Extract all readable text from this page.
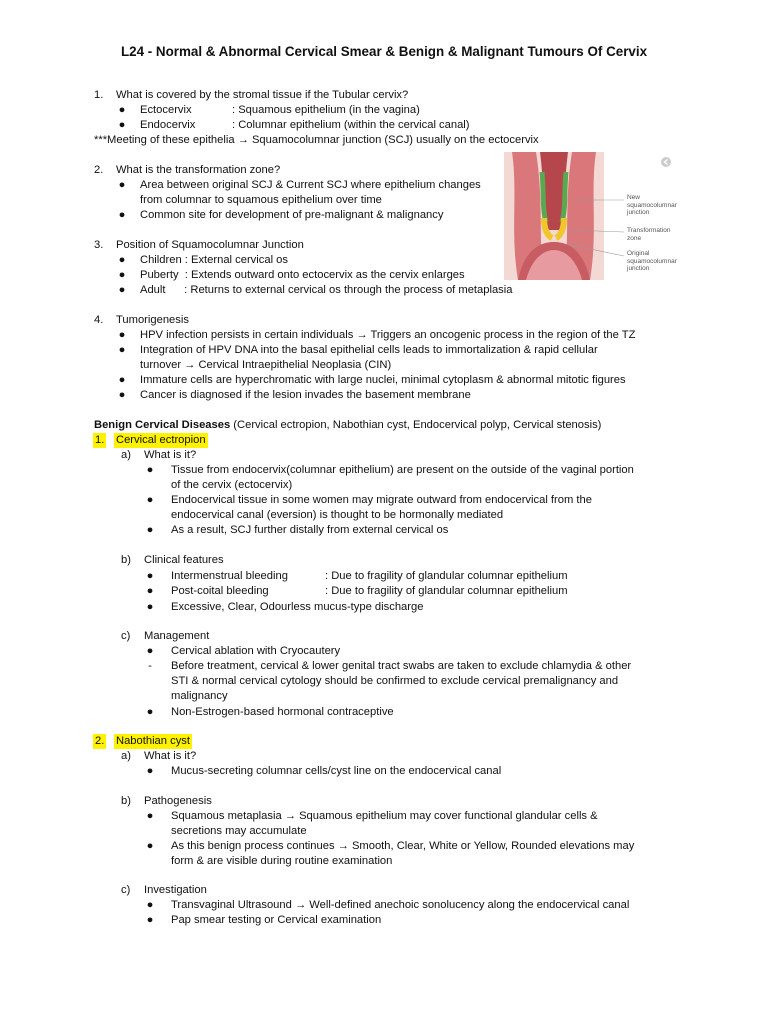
L24 - Normal & Abnormal Cervical Smear & Benign & Malignant Tumours Of Cervix
1. What is covered by the stromal tissue if the Tubular cervix?
● Ectocervix	: Squamous epithelium (in the vagina)
● Endocervix	: Columnar epithelium (within the cervical canal)
***Meeting of these epithelia → Squamocolumnar junction (SCJ) usually on the ectocervix
2. What is the transformation zone?
● Area between original SCJ & Current SCJ where epithelium changes
from columnar to squamous epithelium over time
● Common site for development of pre-malignant & malignancy
3. Position of Squamocolumnar Junction
● Children : External cervical os
● Puberty  : Extends outward onto ectocervix as the cervix enlarges
● Adult      : Returns to external cervical os through the process of metaplasia
New
squamocolumnar
junction
Transformation
zone
Original
squamocolumnar
junction
4. Tumorigenesis
● HPV infection persists in certain individuals → Triggers an oncogenic process in the region of the TZ
● Integration of HPV DNA into the basal epithelial cells leads to immortalization & rapid cellular
turnover → Cervical Intraepithelial Neoplasia (CIN)
● Immature cells are hyperchromatic with large nuclei, minimal cytoplasm & abnormal mitotic figures
● Cancer is diagnosed if the lesion invades the basement membrane
Benign Cervical Diseases (Cervical ectropion, Nabothian cyst, Endocervical polyp, Cervical stenosis)
1. Cervical ectropion
a) What is it?
● Tissue from endocervix(columnar epithelium) are present on the outside of the vaginal portion
of the cervix (ectocervix)
● Endocervical tissue in some women may migrate outward from endocervical from the
endocervical canal (eversion) is thought to be hormonally mediated
● As a result, SCJ further distally from external cervical os
b) Clinical features
● Intermenstrual bleeding	: Due to fragility of glandular columnar epithelium
● Post-coital bleeding	: Due to fragility of glandular columnar epithelium
● Excessive, Clear, Odourless mucus-type discharge
c) Management
● Cervical ablation with Cryocautery
- Before treatment, cervical & lower genital tract swabs are taken to exclude chlamydia & other
STI & normal cervical cytology should be confirmed to exclude cervical premalignancy and
malignancy
● Non-Estrogen-based hormonal contraceptive
2. Nabothian cyst
a) What is it?
● Mucus-secreting columnar cells/cyst line on the endocervical canal
b) Pathogenesis
● Squamous metaplasia → Squamous epithelium may cover functional glandular cells &
secretions may accumulate
● As this benign process continues → Smooth, Clear, White or Yellow, Rounded elevations may
form & are visible during routine examination
c) Investigation
● Transvaginal Ultrasound → Well-defined anechoic sonolucency along the endocervical canal
● Pap smear testing or Cervical examination
